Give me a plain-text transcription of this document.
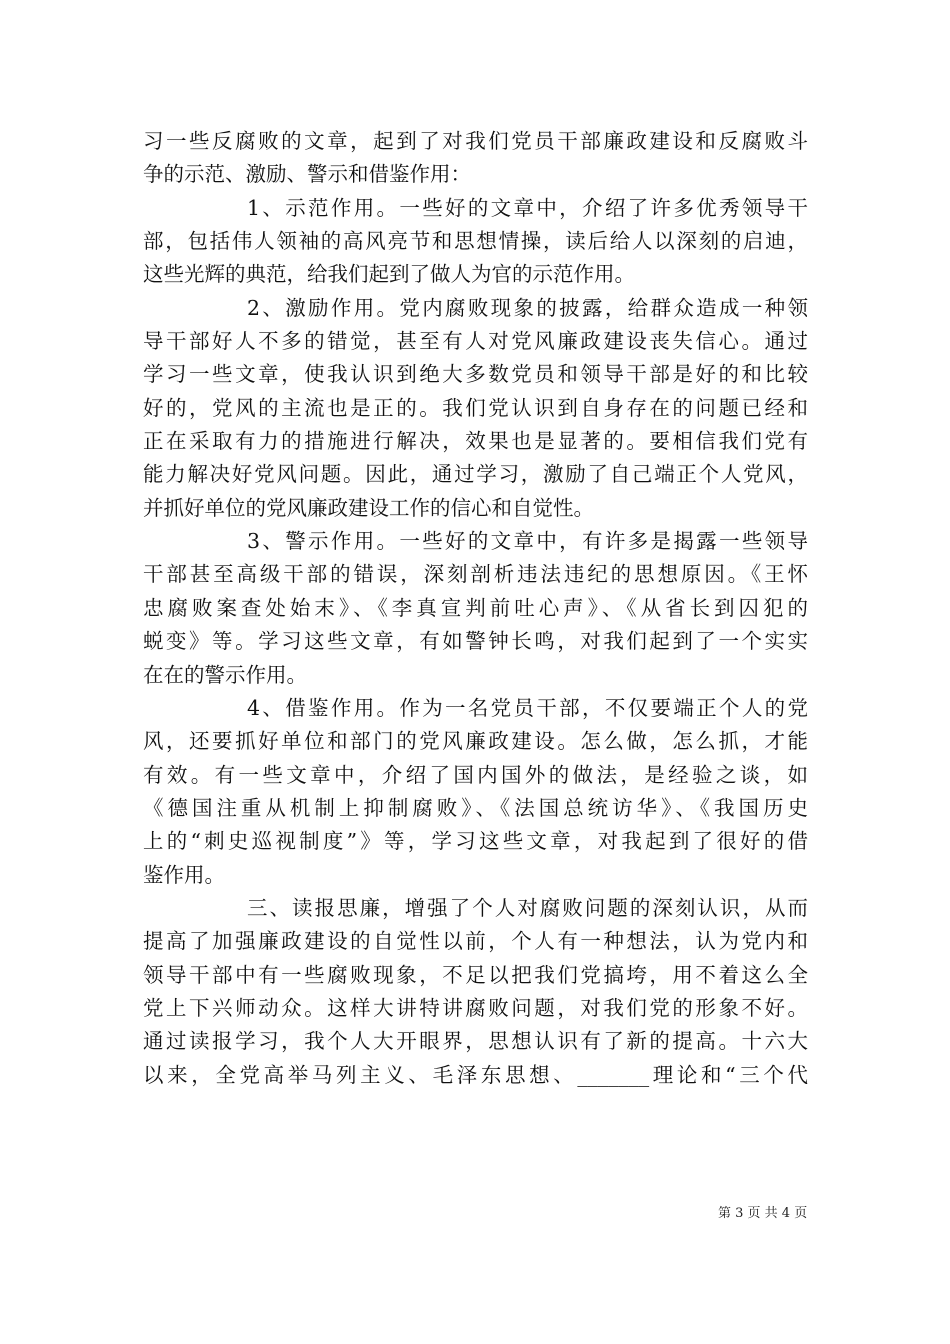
习一些反腐败的文章，起到了对我们党员干部廉政建设和反腐败斗
争的示范、激励、警示和借鉴作用：
1、示范作用。一些好的文章中，介绍了许多优秀领导干
部，包括伟人领袖的高风亮节和思想情操，读后给人以深刻的启迪，
这些光辉的典范，给我们起到了做人为官的示范作用。
2、激励作用。党内腐败现象的披露，给群众造成一种领
导干部好人不多的错觉，甚至有人对党风廉政建设丧失信心。通过
学习一些文章，使我认识到绝大多数党员和领导干部是好的和比较
好的，党风的主流也是正的。我们党认识到自身存在的问题已经和
正在采取有力的措施进行解决，效果也是显著的。要相信我们党有
能力解决好党风问题。因此，通过学习，激励了自己端正个人党风，
并抓好单位的党风廉政建设工作的信心和自觉性。
3、警示作用。一些好的文章中，有许多是揭露一些领导
干部甚至高级干部的错误，深刻剖析违法违纪的思想原因。《王怀
忠腐败案查处始末》、《李真宣判前吐心声》、《从省长到囚犯的
蜕变》等。学习这些文章，有如警钟长鸣，对我们起到了一个实实
在在的警示作用。
4、借鉴作用。作为一名党员干部，不仅要端正个人的党
风，还要抓好单位和部门的党风廉政建设。怎么做，怎么抓，才能
有效。有一些文章中，介绍了国内国外的做法，是经验之谈，如
《德国注重从机制上抑制腐败》、《法国总统访华》、《我国历史
上的“刺史巡视制度”》等，学习这些文章，对我起到了很好的借
鉴作用。
三、读报思廉，增强了个人对腐败问题的深刻认识，从而
提高了加强廉政建设的自觉性以前，个人有一种想法，认为党内和
领导干部中有一些腐败现象，不足以把我们党搞垮，用不着这么全
党上下兴师动众。这样大讲特讲腐败问题，对我们党的形象不好。
通过读报学习，我个人大开眼界，思想认识有了新的提高。十六大
以来，全党高举马列主义、毛泽东思想、_______理论和“三个代
第 3 页 共 4 页
